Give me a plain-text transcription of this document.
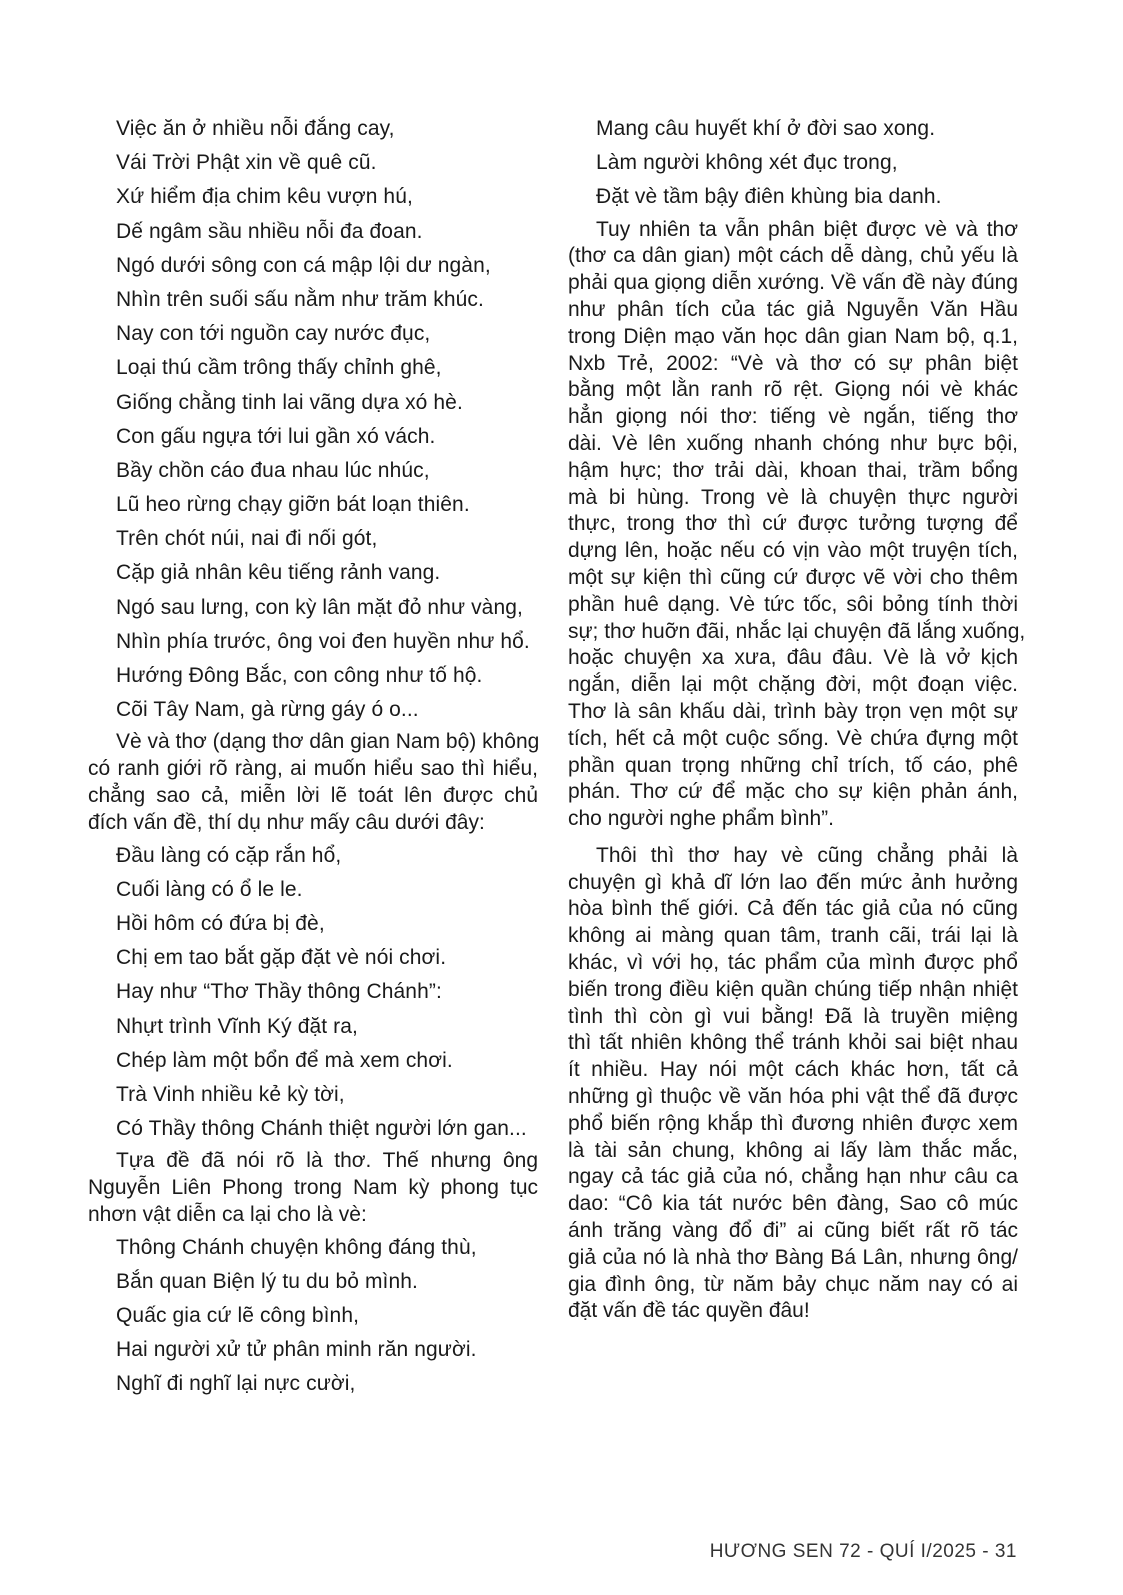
Việc ăn ở nhiều nỗi đắng cay,
Vái Trời Phật xin về quê cũ.
Xứ hiểm địa chim kêu vượn hú,
Dế ngâm sầu nhiều nỗi đa đoan.
Ngó dưới sông con cá mập lội dư ngàn,
Nhìn trên suối sấu nằm như trăm khúc.
Nay con tới nguồn cay nước đục,
Loại thú cầm trông thấy chỉnh ghê,
Giống chằng tinh lai vãng dựa xó hè.
Con gấu ngựa tới lui gần xó vách.
Bầy chồn cáo đua nhau lúc nhúc,
Lũ heo rừng chạy giỡn bát loạn thiên.
Trên chót núi, nai đi nối gót,
Cặp giả nhân kêu tiếng rảnh vang.
Ngó sau lưng, con kỳ lân mặt đỏ như vàng,
Nhìn phía trước, ông voi đen huyền như hổ.
Hướng Đông Bắc, con công như tố hộ.
Cõi Tây Nam, gà rừng gáy ó o...
Vè và thơ (dạng thơ dân gian Nam bộ) không
có ranh giới rõ ràng, ai muốn hiểu sao thì hiểu,
chẳng sao cả, miễn lời lẽ toát lên được chủ
đích vấn đề, thí dụ như mấy câu dưới đây:
Đầu làng có cặp rắn hổ,
Cuối làng có ổ le le.
Hồi hôm có đứa bị đè,
Chị em tao bắt gặp đặt vè nói chơi.
Hay như “Thơ Thầy thông Chánh”:
Nhựt trình Vĩnh Ký đặt ra,
Chép làm một bổn để mà xem chơi.
Trà Vinh nhiều kẻ kỳ tời,
Có Thầy thông Chánh thiệt người lớn gan...
Tựa đề đã nói rõ là thơ. Thế nhưng ông
Nguyễn Liên Phong trong Nam kỳ phong tục
nhơn vật diễn ca lại cho là vè:
Thông Chánh chuyện không đáng thù,
Bắn quan Biện lý tu du bỏ mình.
Quấc gia cứ lẽ công bình,
Hai người xử tử phân minh răn người.
Nghĩ đi nghĩ lại nực cười,
Mang câu huyết khí ở đời sao xong.
Làm người không xét đục trong,
Đặt vè tầm bậy điên khùng bia danh.
Tuy nhiên ta vẫn phân biệt được vè và thơ
(thơ ca dân gian) một cách dễ dàng, chủ yếu là
phải qua giọng diễn xướng. Về vấn đề này đúng
như phân tích của tác giả Nguyễn Văn Hầu
trong Diện mạo văn học dân gian Nam bộ, q.1,
Nxb Trẻ, 2002: “Vè và thơ có sự phân biệt
bằng một lằn ranh rõ rệt. Giọng nói vè khác
hẳn giọng nói thơ: tiếng vè ngắn, tiếng thơ
dài. Vè lên xuống nhanh chóng như bực bội,
hậm hực; thơ trải dài, khoan thai, trầm bổng
mà bi hùng. Trong vè là chuyện thực người
thực, trong thơ thì cứ được tưởng tượng để
dựng lên, hoặc nếu có vịn vào một truyện tích,
một sự kiện thì cũng cứ được vẽ vời cho thêm
phần huê dạng. Vè tức tốc, sôi bỏng tính thời
sự; thơ huỡn đãi, nhắc lại chuyện đã lắng xuống,
hoặc chuyện xa xưa, đâu đâu. Vè là vở kịch
ngắn, diễn lại một chặng đời, một đoạn việc.
Thơ là sân khấu dài, trình bày trọn vẹn một sự
tích, hết cả một cuộc sống. Vè chứa đựng một
phần quan trọng những chỉ trích, tố cáo, phê
phán. Thơ cứ để mặc cho sự kiện phản ánh,
cho người nghe phẩm bình”.
Thôi thì thơ hay vè cũng chẳng phải là
chuyện gì khả dĩ lớn lao đến mức ảnh hưởng
hòa bình thế giới. Cả đến tác giả của nó cũng
không ai màng quan tâm, tranh cãi, trái lại là
khác, vì với họ, tác phẩm của mình được phổ
biến trong điều kiện quần chúng tiếp nhận nhiệt
tình thì còn gì vui bằng! Đã là truyền miệng
thì tất nhiên không thể tránh khỏi sai biệt nhau
ít nhiều. Hay nói một cách khác hơn, tất cả
những gì thuộc về văn hóa phi vật thể đã được
phổ biến rộng khắp thì đương nhiên được xem
là tài sản chung, không ai lấy làm thắc mắc,
ngay cả tác giả của nó, chẳng hạn như câu ca
dao: “Cô kia tát nước bên đàng, Sao cô múc
ánh trăng vàng đổ đi” ai cũng biết rất rõ tác
giả của nó là nhà thơ Bàng Bá Lân, nhưng ông/
gia đình ông, từ năm bảy chục năm nay có ai
đặt vấn đề tác quyền đâu!
HƯƠNG SEN 72 - QUÍ I/2025 - 31
